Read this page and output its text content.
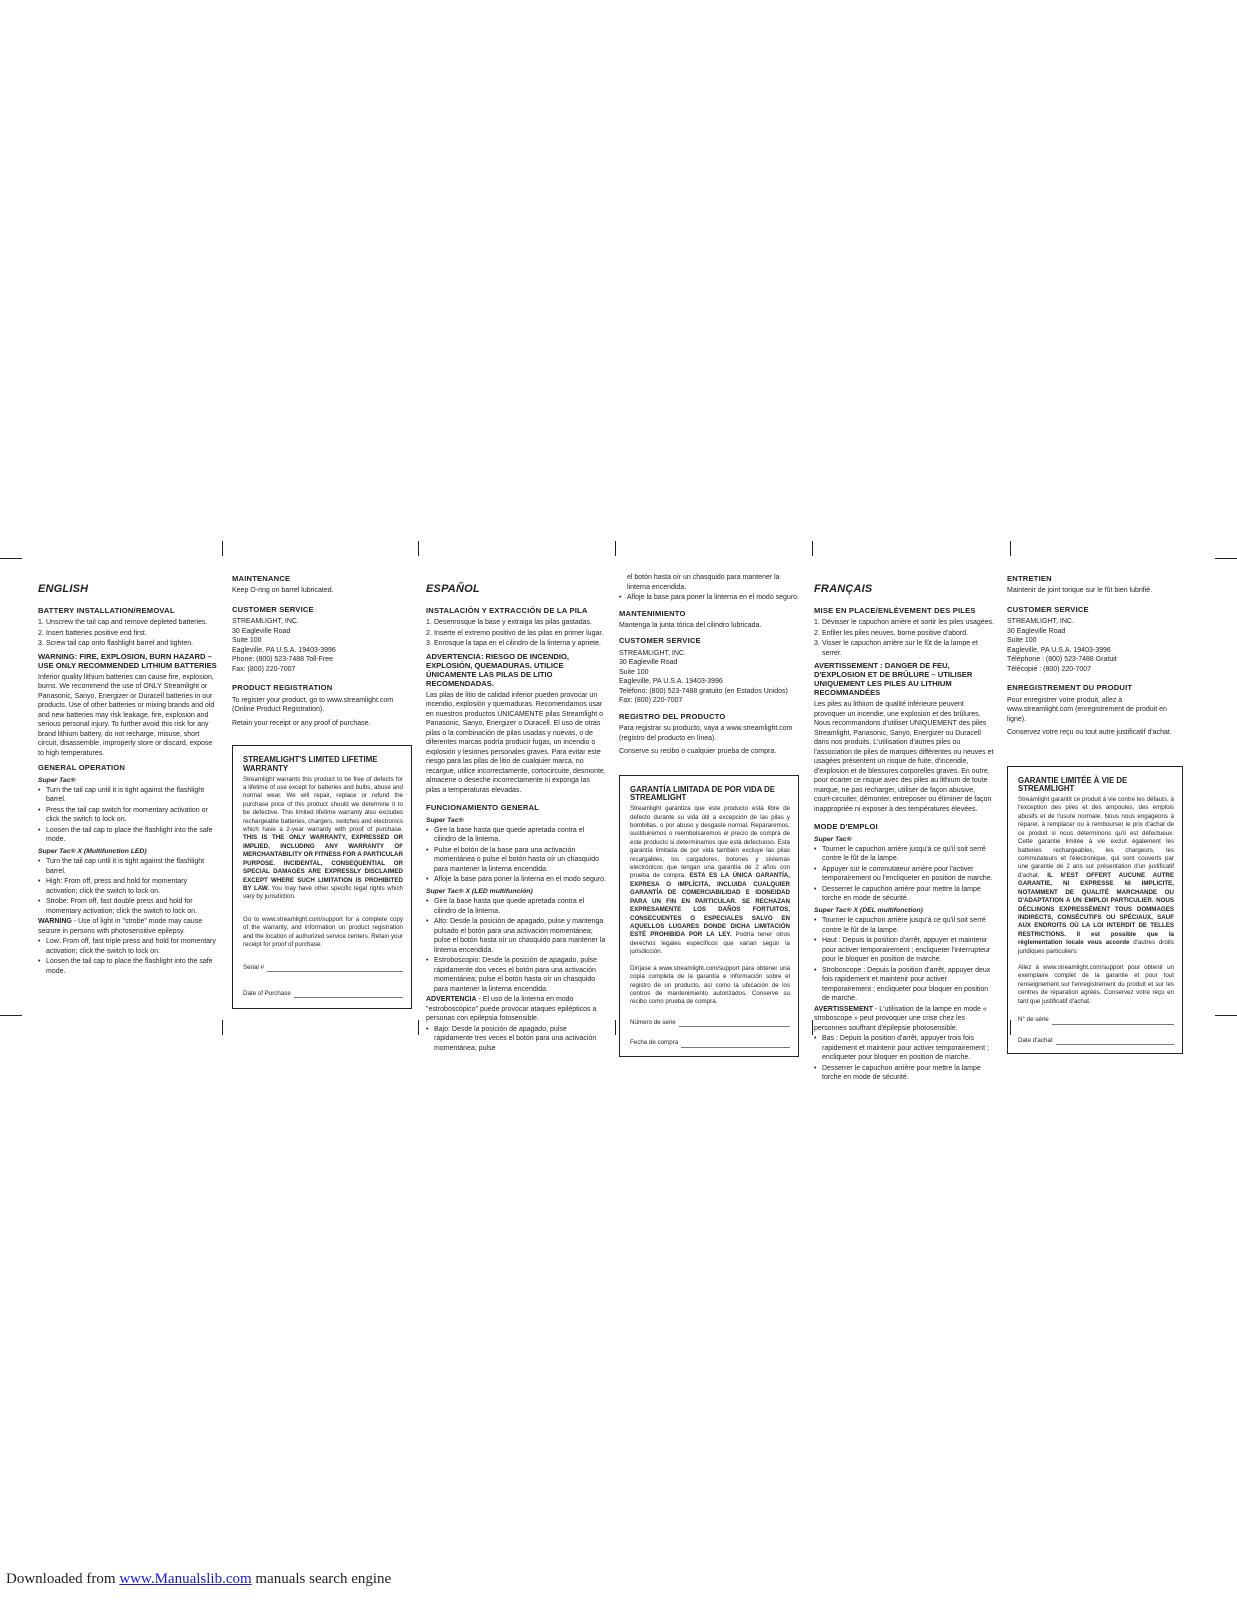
ENGLISH
BATTERY INSTALLATION/REMOVAL
1. Unscrew the tail cap and remove depleted batteries.
2. Insert batteries positive end first.
3. Screw tail cap onto flashlight barrel and tighten.
WARNING: FIRE, EXPLOSION, BURN HAZARD – USE ONLY RECOMMENDED LITHIUM BATTERIES

Inferior quality lithium batteries can cause fire, explosion, burns. We recommend the use of ONLY Streamlight or Panasonic, Sanyo, Energizer or Duracell batteries in our products. Use of other batteries or mixing brands and old and new batteries may risk leakage, fire, explosion and serious personal injury. To further avoid this risk for any brand lithium battery, do not recharge, misuse, short circuit, disassemble, improperly store or discard, expose to high temperatures.

GENERAL OPERATION
Super Tac®
• Turn the tail cap until it is tight against the flashlight barrel.
• Press the tail cap switch for momentary activation or click the switch to lock on.
• Loosen the tail cap to place the flashlight into the safe mode.
Super Tac® X (Multifunction LED)
• Turn the tail cap until it is tight against the flashlight barrel.
• High: From off, press and hold for momentary activation; click the switch to lock on.
• Strobe: From off, fast double press and hold for momentary activation; click the switch to lock on.

WARNING - Use of light in "strobe" mode may cause seizure in persons with photosensitive epilepsy.

• Low: From off, fast triple press and hold for momentary activation; click the switch to lock on.
• Loosen the tail cap to place the flashlight into the safe mode.
MAINTENANCE

Keep O-ring on barrel lubricated.

CUSTOMER SERVICE
STREAMLIGHT, INC.
30 Eagleville Road
Suite 100
Eagleville, PA U.S.A. 19403-3996
Phone: (800) 523-7488 Toll-Free
Fax: (800) 220-7007
PRODUCT REGISTRATION

To register your product, go to www.streamlight.com (Online Product Registration).

Retain your receipt or any proof of purchase.

STREAMLIGHT'S LIMITED LIFETIME WARRANTY

Streamlight warrants this product to be free of defects for a lifetime of use except for batteries and bulbs, abuse and normal wear. We will repair, replace or refund the purchase price of this product should we determine it to be defective. This limited lifetime warranty also excludes rechargeable batteries, chargers, switches and electronics which have a 2-year warranty with proof of purchase. THIS IS THE ONLY WARRANTY, EXPRESSED OR IMPLIED, INCLUDING ANY WARRANTY OF MERCHANTABILITY OR FITNESS FOR A PARTICULAR PURPOSE. INCIDENTAL, CONSEQUENTIAL OR SPECIAL DAMAGES ARE EXPRESSLY DISCLAIMED EXCEPT WHERE SUCH LIMITATION IS PROHIBITED BY LAW. You may have other specific legal rights which vary by jurisdiction.

Go to www.streamlight.com/support for a complete copy of the warranty, and information on product registration and the location of authorized service centers. Retain your receipt for proof of purchase.

Serial #
Date of Purchase
ESPAÑOL
INSTALACIÓN Y EXTRACCIÓN DE LA PILA
1. Desenrosque la base y extraiga las pilas gastadas.
2. Inserte el extremo positivo de las pilas en primer lugar.
3. Enrosque la tapa en el cilindro de la linterna y apriete.
ADVERTENCIA: RIESGO DE INCENDIO, EXPLOSIÓN, QUEMADURAS. UTILICE ÚNICAMENTE LAS PILAS DE LITIO RECOMENDADAS.

Las pilas de litio de calidad inferior pueden provocar un incendio, explosión y quemaduras. Recomendamos usar en nuestros productos ÚNICAMENTE pilas Streamlight o Panasonic, Sanyo, Energizer o Duracell. El uso de otras pilas o la combinación de pilas usadas y nuevas, o de diferentes marcas podría producir fugas, un incendio o explosión y lesiones personales graves. Para evitar este riesgo para las pilas de litio de cualquier marca, no recargue, utilice incorrectamente, cortocircuite, desmonte, almacene o deseche incorrectamente ni exponga las pilas a temperaturas elevadas.

FUNCIONAMIENTO GENERAL
Super Tac®
• Gire la base hasta que quede apretada contra el cilindro de la linterna.
• Pulse el botón de la base para una activación momentánea o pulse el botón hasta oír un chasquido para mantener la linterna encendida.
• Afloje la base para poner la linterna en el modo seguro.
Super Tac® X (LED multifunción)
• Gire la base hasta que quede apretada contra el cilindro de la linterna.
• Alto: Desde la posición de apagado, pulse y mantenga pulsado el botón para una activación momentánea; pulse el botón hasta oír un chasquido para mantener la linterna encendida.
• Estroboscopio: Desde la posición de apagado, pulse rápidamente dos veces el botón para una activación momentánea; pulse el botón hasta oír un chasquido para mantener la linterna encendida.

ADVERTENCIA - El uso de la linterna en modo "estroboscópico" puede provocar ataques epilépticos a personas con epilepsia fotosensible.

• Bajo: Desde la posición de apagado, pulse rápidamente tres veces el botón para una activación momentánea; pulse

el botón hasta oír un chasquido para mantener la linterna encendida.

• Afloje la base para poner la linterna en el modo seguro.
MANTENIMIENTO

Mantenga la junta tórica del cilindro lubricada.

CUSTOMER SERVICE
STREAMLIGHT, INC.
30 Eagleville Road
Suite 100
Eagleville, PA U.S.A. 19403-3996
Teléfono: (800) 523-7488 gratuito (en Estados Unidos)
Fax: (800) 220-7007
REGISTRO DEL PRODUCTO

Para registrar su producto, vaya a www.streamlight.com (registro del producto en línea).

Conserve su recibo o cualquier prueba de compra.

GARANTÍA LIMITADA DE POR VIDA DE STREAMLIGHT

Streamlight garantiza que este producto está libre de defecto durante su vida útil a excepción de las pilas y bombillas, o por abuso y desgaste normal. Repararemos, sustituiremos o reembolsaremos el precio de compra de este producto si determinamos que está defectuoso. Esta garantía limitada de por vida también excluye las pilas recargables, los cargadores, botones y sistemas electrónicos que tengan una garantía de 2 años con prueba de compra. ESTA ES LA ÚNICA GARANTÍA, EXPRESA O IMPLÍCITA, INCLUIDA CUALQUIER GARANTÍA DE COMERCIABILIDAD E IDONEIDAD PARA UN FIN EN PARTICULAR. SE RECHAZAN EXPRESAMENTE LOS DAÑOS FORTUITOS, CONSECUENTES O ESPECIALES SALVO EN AQUELLOS LUGARES DONDE DICHA LIMITACIÓN ESTÉ PROHIBIDA POR LA LEY. Podría tener otros derechos legales específicos que varían según la jurisdicción.

Diríjase a www.streamlight.com/support para obtener una copia completa de la garantía e información sobre el registro de un producto, así como la ubicación de los centros de mantenimiento autorizados. Conserve su recibo como prueba de compra.

Número de serie
Fecha de compra
FRANÇAIS
MISE EN PLACE/ENLÈVEMENT DES PILES
1. Dévisser le capuchon arrière et sortir les piles usagées.
2. Enfiler les piles neuves, borne positive d'abord.
3. Visser le capuchon arrière sur le fût de la lampe et serrer.
AVERTISSEMENT : DANGER DE FEU, D'EXPLOSION ET DE BRÛLURE – UTILISER UNIQUEMENT LES PILES AU LITHIUM RECOMMANDÉES

Les piles au lithium de qualité inférieure peuvent provoquer un incendie, une explosion et des brûlures. Nous recommandons d'utiliser UNIQUEMENT des piles Streamlight, Panasonic, Sanyo, Energizer ou Duracell dans nos produits. L'utilisation d'autres piles ou l'association de piles de marques différentes ou neuves et usagées présentent un risque de fuite, d'incendie, d'explosion et de blessures corporelles graves. En outre, pour écarter ce risque avec des piles au lithium de toute marque, ne pas recharger, utiliser de façon abusive, court-circuiter, démonter, entreposer ou éliminer de façon inappropriée ni exposer à des températures élevées.

MODE D'EMPLOI
Super Tac®
• Tourner le capuchon arrière jusqu'à ce qu'il soit serré contre le fût de la lampe.
• Appuyer sur le commutateur arrière pour l'activer temporairement ou l'encliqueter en position de marche.
• Desserrer le capuchon arrière pour mettre la lampe torche en mode de sécurité.
Super Tac® X (DEL multifonction)
• Tourner le capuchon arrière jusqu'à ce qu'il soit serré contre le fût de la lampe.
• Haut : Depuis la position d'arrêt, appuyer et maintenir pour activer temporairement ; encliqueter l'interrupteur pour le bloquer en position de marche.
• Stroboscope : Depuis la position d'arrêt, appuyer deux fois rapidement et maintenir pour activer temporairement ; encliqueter pour bloquer en position de marche.

AVERTISSEMENT - L'utilisation de la lampe en mode « stroboscope » peut provoquer une crise chez les personnes souffrant d'épilepsie photosensible.

• Bas : Depuis la position d'arrêt, appuyer trois fois rapidement et maintenir pour activer temporairement ; encliqueter pour bloquer en position de marche.
• Desserrer le capuchon arrière pour mettre la lampe torche en mode de sécurité.
ENTRETIEN

Maintenir de joint torique sur le fût bien lubrifié.

CUSTOMER SERVICE
STREAMLIGHT, INC.
30 Eagleville Road
Suite 100
Eagleville, PA U.S.A. 19403-3996
Téléphone : (800) 523-7488 Gratuit
Télécopie : (800) 220-7007
ENREGISTREMENT DU PRODUIT

Pour enregistrer votre produit, allez à www.streamlight.com (enregistrement de produit en ligne).

Conservez votre reçu ou tout autre justificatif d'achat.

GARANTIE LIMITÉE À VIE DE STREAMLIGHT

Streamlight garantit ce produit à vie contre les défauts, à l'exception des piles et des ampoules, des emplois abusifs et de l'usure normale. Nous nous engageons à réparer, à remplacer ou à rembourser le prix d'achat de ce produit si nous déterminons qu'il est défectueux. Cette garantie limitée à vie exclut également les batteries rechargeables, les chargeurs, les commutateurs et l'électronique, qui sont couverts par une garantie de 2 ans sur présentation d'un justificatif d'achat. IL N'EST OFFERT AUCUNE AUTRE GARANTIE, NI EXPRESSE NI IMPLICITE, NOTAMMENT DE QUALITÉ MARCHANDE OU D'ADAPTATION A UN EMPLOI PARTICULIER. NOUS DÉCLINONS EXPRESSÉMENT TOUS DOMMAGES INDIRECTS, CONSÉCUTIFS OU SPÉCIAUX, SAUF AUX ENDROITS OÙ LA LOI INTERDIT DE TELLES RESTRICTIONS. Il est possible que la réglementation locale vous accorde d'autres droits juridiques particuliers.

Allez à www.streamlight.com/support pour obtenir un exemplaire complet de la garantie et pour tout renseignement sur l'enregistrement du produit et sur les centres de réparation agréés. Conservez votre reçu en tant que justificatif d'achat.

N° de série
Date d'achat
Downloaded from www.Manualslib.com manuals search engine
